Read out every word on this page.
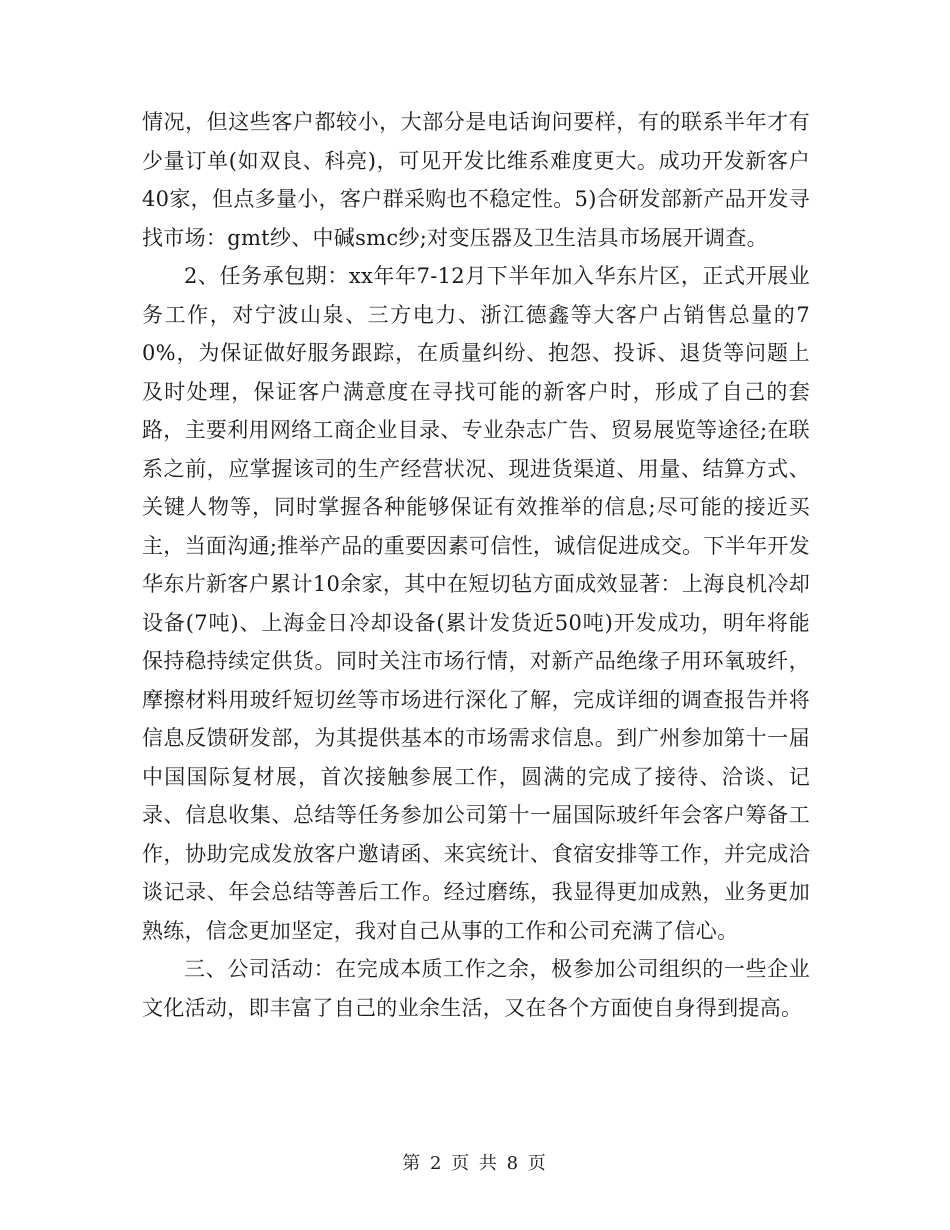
情况，但这些客户都较小，大部分是电话询问要样，有的联系半年才有少量订单(如双良、科亮)，可见开发比维系难度更大。成功开发新客户40家，但点多量小，客户群采购也不稳定性。5)合研发部新产品开发寻找市场：gmt纱、中碱smc纱;对变压器及卫生洁具市场展开调查。

2、任务承包期：xx年年7-12月下半年加入华东片区，正式开展业务工作，对宁波山泉、三方电力、浙江德鑫等大客户占销售总量的70%，为保证做好服务跟踪，在质量纠纷、抱怨、投诉、退货等问题上及时处理，保证客户满意度在寻找可能的新客户时，形成了自己的套路，主要利用网络工商企业目录、专业杂志广告、贸易展览等途径;在联系之前，应掌握该司的生产经营状况、现进货渠道、用量、结算方式、关键人物等，同时掌握各种能够保证有效推举的信息;尽可能的接近买主，当面沟通;推举产品的重要因素可信性，诚信促进成交。下半年开发华东片新客户累计10余家，其中在短切毡方面成效显著：上海良机冷却设备(7吨)、上海金日冷却设备(累计发货近50吨)开发成功，明年将能保持稳持续定供货。同时关注市场行情，对新产品绝缘子用环氧玻纤，摩擦材料用玻纤短切丝等市场进行深化了解，完成详细的调查报告并将信息反馈研发部，为其提供基本的市场需求信息。到广州参加第十一届中国国际复材展，首次接触参展工作，圆满的完成了接待、洽谈、记录、信息收集、总结等任务参加公司第十一届国际玻纤年会客户筹备工作，协助完成发放客户邀请函、来宾统计、食宿安排等工作，并完成洽谈记录、年会总结等善后工作。经过磨练，我显得更加成熟，业务更加熟练，信念更加坚定，我对自己从事的工作和公司充满了信心。

三、公司活动：在完成本质工作之余，极参加公司组织的一些企业文化活动，即丰富了自己的业余生活，又在各个方面使自身得到提高。

第 2 页 共 8 页
